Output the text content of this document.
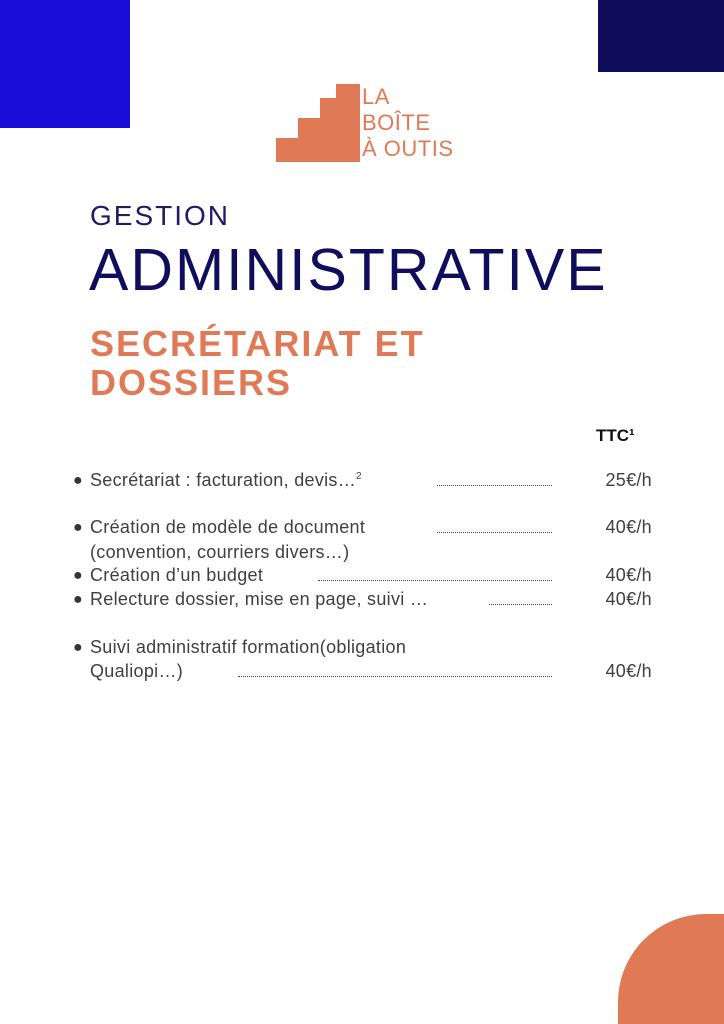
LA
BOÎTE
À OUTIS
GESTION
ADMINISTRATIVE
SECRÉTARIAT ET
DOSSIERS
TTC¹
● Secrétariat : facturation, devis…$^2$	25€/h
● Création de modèle de document	40€/h
(convention, courriers divers…)
● Création d’un budget	40€/h
● Relecture dossier, mise en page, suivi …	40€/h
● Suivi administratif formation(obligation
Qualiopi…)	40€/h
